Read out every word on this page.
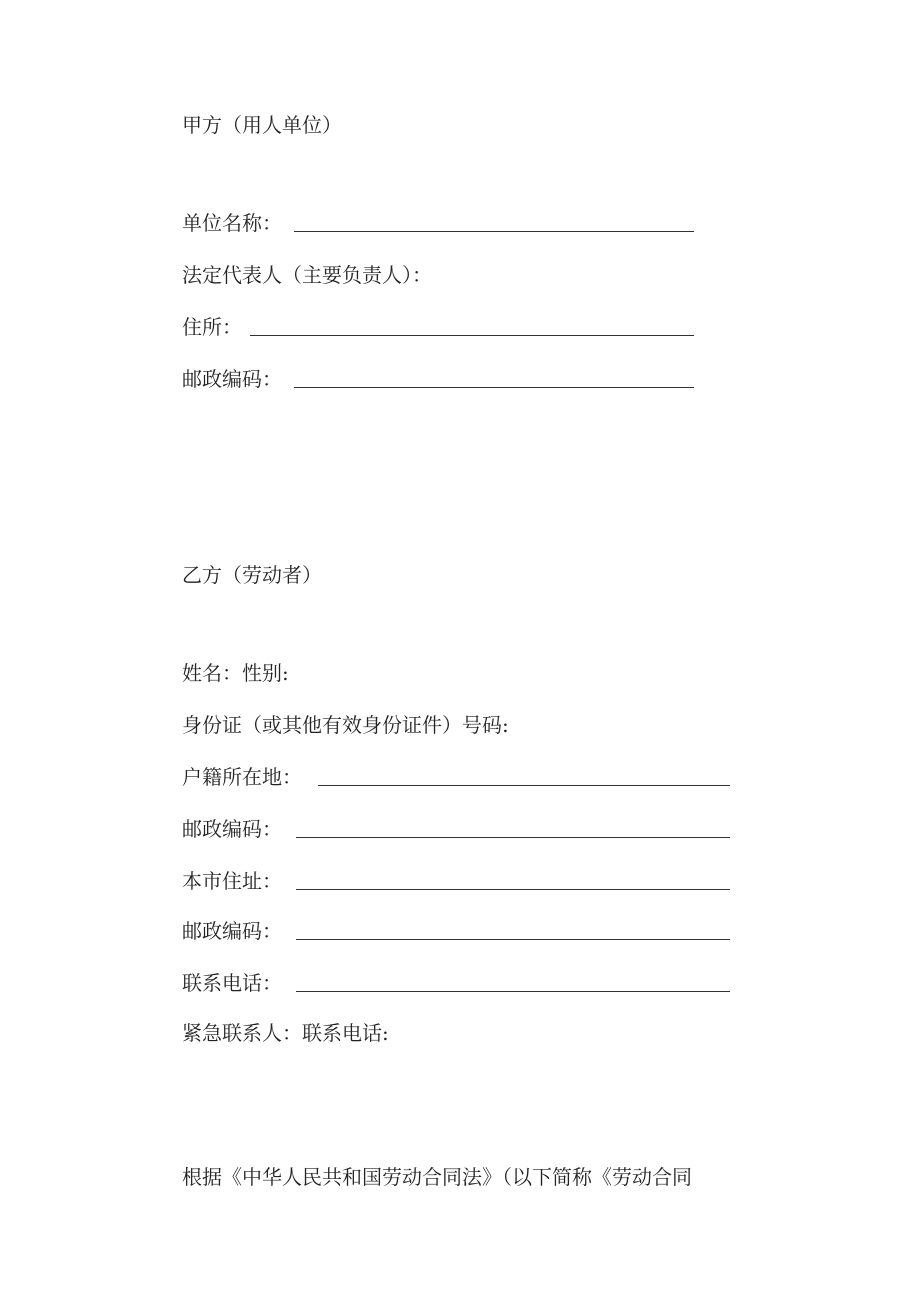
甲方（用人单位）
单位名称：
法定代表人（主要负责人）：
住所：
邮政编码：
乙方（劳动者）
姓名：性别:
身份证（或其他有效身份证件）号码:
户籍所在地：
邮政编码：
本市住址：
邮政编码：
联系电话：
紧急联系人：联系电话:
根据《中华人民共和国劳动合同法》（以下简称《劳动合同
